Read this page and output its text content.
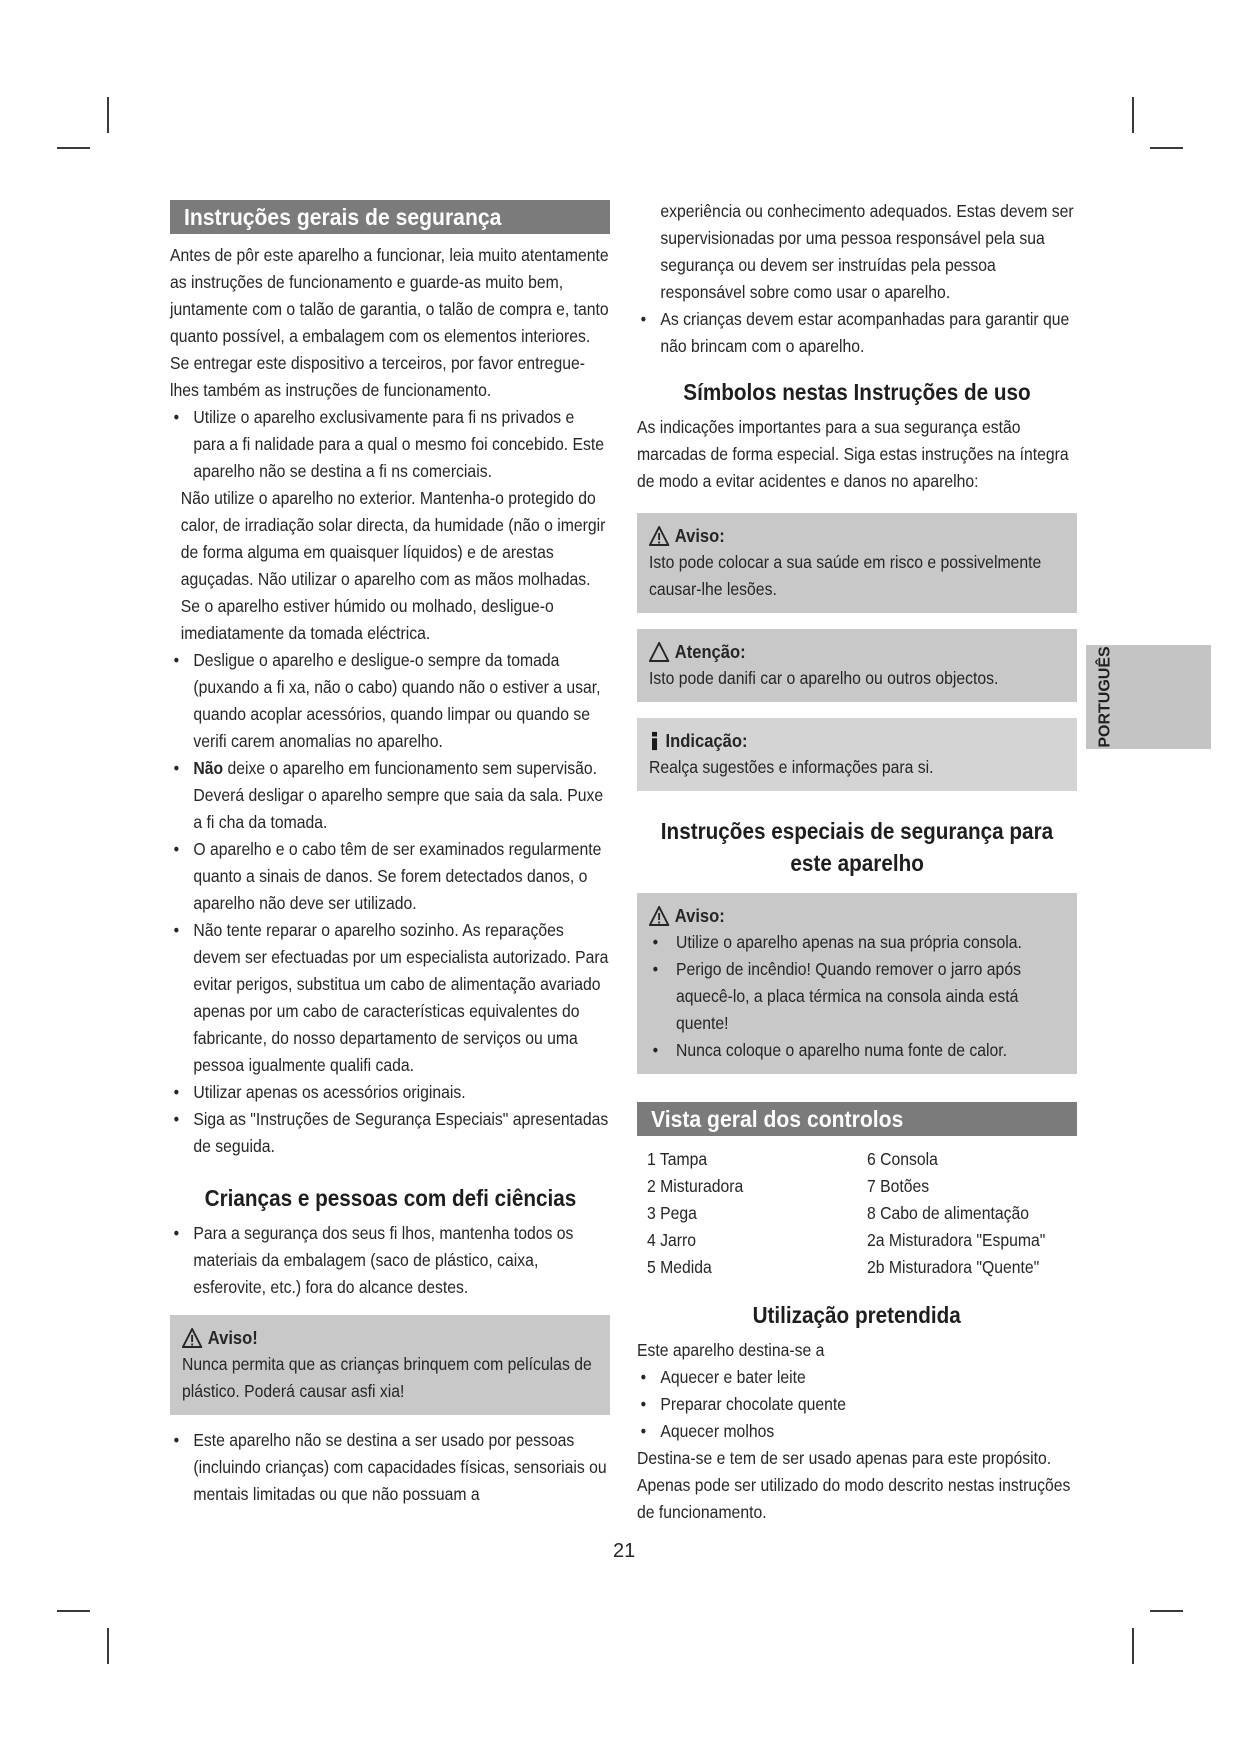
PORTUGUÊS
Instruções gerais de segurança

Antes de pôr este aparelho a funcionar, leia muito atentamente as instruções de funcionamento e guarde-as muito bem, juntamente com o talão de garantia, o talão de compra e, tanto quanto possível, a embalagem com os elementos interiores. Se entregar este dispositivo a terceiros, por favor entregue-lhes também as instruções de funcionamento.

• Utilize o aparelho exclusivamente para fi ns privados e para a fi nalidade para a qual o mesmo foi concebido. Este aparelho não se destina a fi ns comerciais.
Não utilize o aparelho no exterior. Mantenha-o protegido do calor, de irradiação solar directa, da humidade (não o imergir de forma alguma em quaisquer líquidos) e de arestas aguçadas. Não utilizar o aparelho com as mãos molhadas. Se o aparelho estiver húmido ou molhado, desligue-o imediatamente da tomada eléctrica.
• Desligue o aparelho e desligue-o sempre da tomada (puxando a fi xa, não o cabo) quando não o estiver a usar, quando acoplar acessórios, quando limpar ou quando se verifi carem anomalias no aparelho.
• Não deixe o aparelho em funcionamento sem supervisão. Deverá desligar o aparelho sempre que saia da sala. Puxe a fi cha da tomada.
• O aparelho e o cabo têm de ser examinados regularmente quanto a sinais de danos. Se forem detectados danos, o aparelho não deve ser utilizado.
• Não tente reparar o aparelho sozinho. As reparações devem ser efectuadas por um especialista autorizado. Para evitar perigos, substitua um cabo de alimentação avariado apenas por um cabo de características equivalentes do fabricante, do nosso departamento de serviços ou uma pessoa igualmente qualifi cada.
• Utilizar apenas os acessórios originais.
• Siga as "Instruções de Segurança Especiais" apresentadas de seguida.
Crianças e pessoas com defi ciências
• Para a segurança dos seus fi lhos, mantenha todos os materiais da embalagem (saco de plástico, caixa, esferovite, etc.) fora do alcance destes.
Aviso!

Nunca permita que as crianças brinquem com películas de plástico. Poderá causar asfi xia!

• Este aparelho não se destina a ser usado por pessoas (incluindo crianças) com capacidades físicas, sensoriais ou mentais limitadas ou que não possuam a
experiência ou conhecimento adequados. Estas devem ser supervisionadas por uma pessoa responsável pela sua segurança ou devem ser instruídas pela pessoa responsável sobre como usar o aparelho.
• As crianças devem estar acompanhadas para garantir que não brincam com o aparelho.
Símbolos nestas Instruções de uso

As indicações importantes para a sua segurança estão marcadas de forma especial. Siga estas instruções na íntegra de modo a evitar acidentes e danos no aparelho:

Aviso:

Isto pode colocar a sua saúde em risco e possivelmente causar-lhe lesões.

Atenção:

Isto pode danifi car o aparelho ou outros objectos.

Indicação:

Realça sugestões e informações para si.

Instruções especiais de segurança para
este aparelho
Aviso:
• Utilize o aparelho apenas na sua própria consola.
• Perigo de incêndio! Quando remover o jarro após aquecê-lo, a placa térmica na consola ainda está quente!
• Nunca coloque o aparelho numa fonte de calor.
Vista geral dos controlos
1 Tampa	6 Consola
2 Misturadora	7 Botões
3 Pega	8 Cabo de alimentação
4 Jarro	2a Misturadora "Espuma"
5 Medida	2b Misturadora "Quente"
Utilização pretendida

Este aparelho destina-se a

• Aquecer e bater leite
• Preparar chocolate quente
• Aquecer molhos

Destina-se e tem de ser usado apenas para este propósito. Apenas pode ser utilizado do modo descrito nestas instruções de funcionamento.

21
